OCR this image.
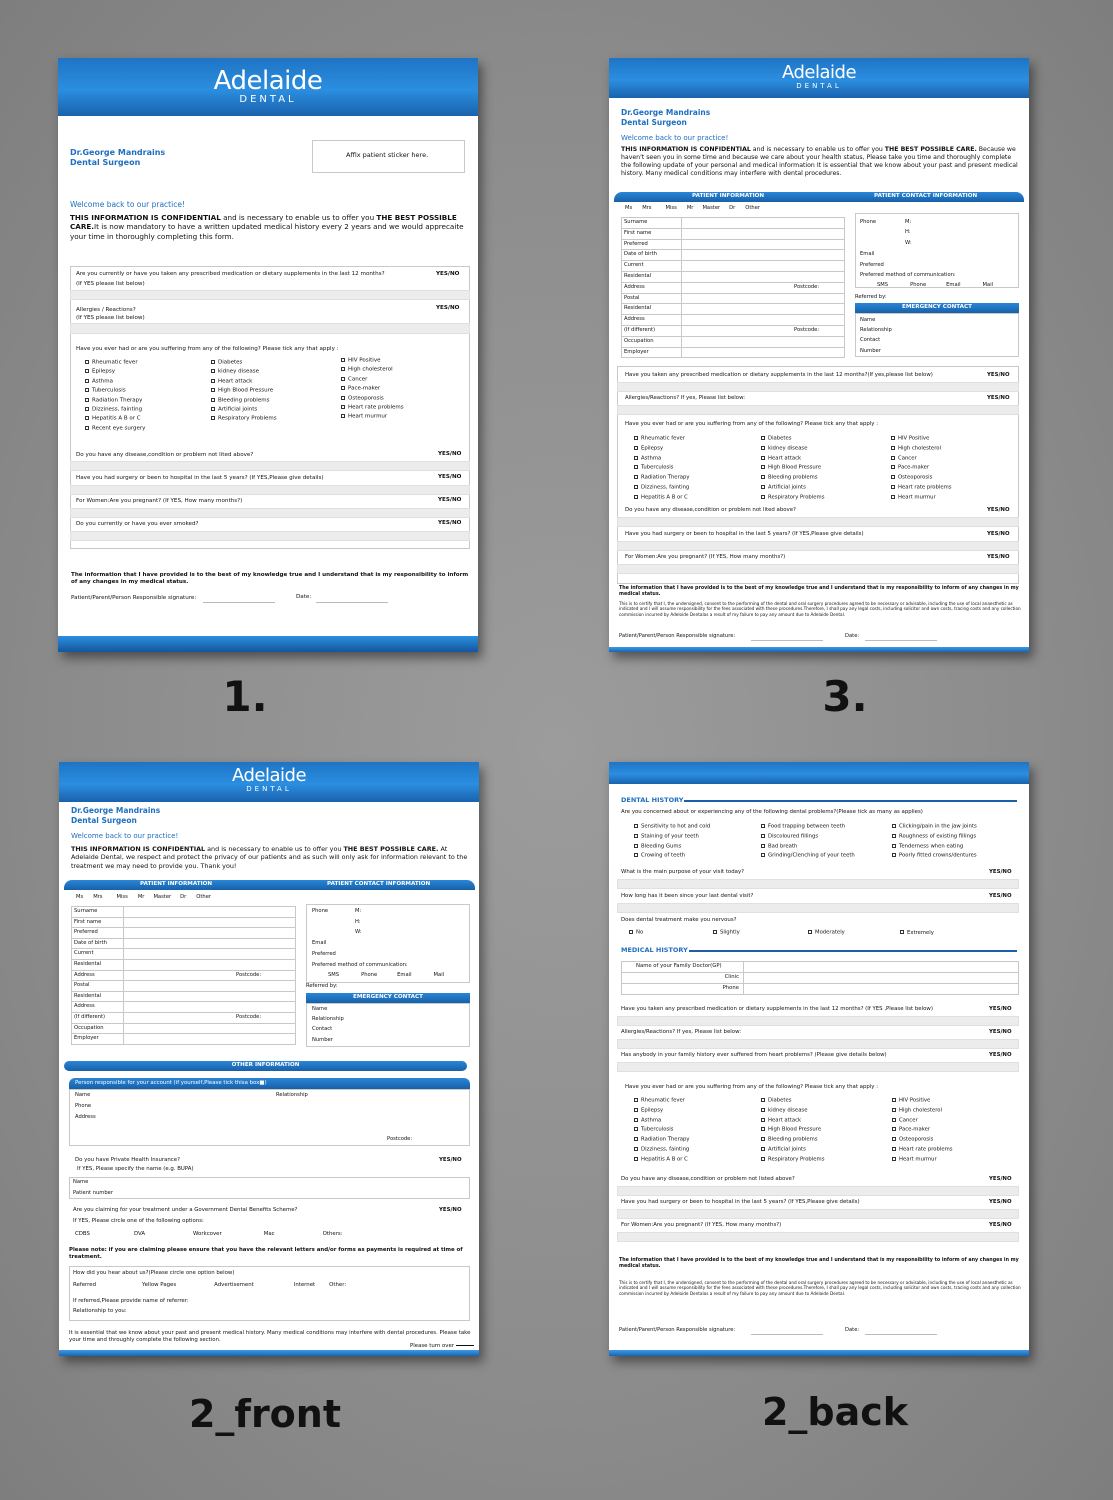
Adelaide
DENTAL
Dr.George Mandrains
Dental Surgeon
Affix patient sticker here.
Welcome back to our practice!
THIS INFORMATION IS CONFIDENTIAL and is necessary to enable us to offer you THE BEST POSSIBLE CARE.It is now mandatory to have a written updated medical history every 2 years and we would apprecaite your time in thoroughly completing this form.
Are you currently or have you taken any prescribed medication or dietary supplements in the last 12 months?	YES/NO
(If YES please list below)
Allergies / Reactions?	YES/NO
(If YES please list below)
Have you ever had or are you suffering from any of the following? Please tick any that apply :
Rheumatic fever
Epilepsy
Asthma
Tuberculosis
Radiation Therapy
Dizziness, fainting
Hepatitis A B or C
Recent eye surgery
Diabetes
kidney disease
Heart attack
High Blood Pressure
Bleeding problems
Artificial joints
Respiratory Problems
HIV Positive
High cholesterol
Cancer
Pace-maker
Osteoporosis
Heart rate problems
Heart murmur
Do you have any disease,condition or problem not lited above?	YES/NO
Have you had surgery or been to hospital in the last 5 years? (If YES,Please give details)	YES/NO
For Women:Are you pregnant? (If YES, How many months?)	YES/NO
Do you currently or have you ever smoked?	YES/NO
The information that I have provided is to the best of my knowledge true and I understand that is my responsibility to inform of any changes in my medical status.
Patient/Parent/Person Responsible signature:	Date:
1.
Adelaide
DENTAL
Dr.George Mandrains
Dental Surgeon
Welcome back to our practice!
THIS INFORMATION IS CONFIDENTIAL and is necessary to enable us to offer you THE BEST POSSIBLE CARE. Because we haven't seen you in some time and because we care about your health status, Please take you time and thoroughly complete the following update of your personal and medical information It is essential that we know about your past and present medical history. Many medical conditions may interfere with dental procedures.
PATIENT INFORMATION	PATIENT CONTACT INFORMATION
Ms Mrs	Miss Mr Master Dr Other
Surname
First name
Preferred
Date of birth
Current
Residental
Address	Postcode:
Postal
Residental
Address
(If different)	Postcode:
Occupation
Employer
Phone	M:
H:
W:
Email
Preferred
Preferred method of communication:
SMS	Phone	Email	Mail
Referred by:
EMERGENCY CONTACT
Name
Relationship
Contact
Number
Have you taken any prescribed medication or dietary supplements in the last 12 months?(If yes,please list below)	YES/NO
Allergies/Reactions? If yes, Please list below:	YES/NO
Have you ever had or are you suffering from any of the following? Please tick any that apply :
Rheumatic fever
Epilepsy
Asthma
Tuberculosis
Radiation Therapy
Dizziness, fainting
Hepatitis A B or C
Diabetes
kidney disease
Heart attack
High Blood Pressure
Bleeding problems
Artificial joints
Respiratory Problems
HIV Positive
High cholesterol
Cancer
Pace-maker
Osteoporosis
Heart rate problems
Heart murmur
Do you have any disease,condition or problem not lited above?	YES/NO
Have you had surgery or been to hospital in the last 5 years? (If YES,Please give details)	YES/NO
For Women:Are you pregnant? (If YES, How many months?)	YES/NO
The information that I have provided is to the best of my knowledge true and I understand that is my responsibility to inform of any changes in my medical status.
This is to certify that I, the undersigned, consent to the performing of the dental and oral surgery procedures agreed to be necessary or advisable, including the use of local anaesthetic as indicated and I will assume responsibility for the fees associated with these procedures.Therefore, I shall pay any legal costs, including solicitor and own costs, tracing costs and any collection commission incurred by Adeloide Dentalas a result of my failure to pay any amount due to Adelaide Dental.
Patient/Parent/Person Responsible signature:	Date:
3.
Adelaide
DENTAL
Dr.George Mandrains
Dental Surgeon
Welcome back to our practice!
THIS INFORMATION IS CONFIDENTIAL and is necessary to enable us to offer you THE BEST POSSIBLE CARE. At Adelaide Dental, we respect and protect the privacy of our patients and as such will only ask for information relevant to the treatment we may need to provide you. Thank you!
PATIENT INFORMATION	PATIENT CONTACT INFORMATION
Ms Mrs	Miss Mr Master Dr Other
Surname
First name
Preferred
Date of birth
Current
Residental
Address	Postcode:
Postal
Residental
Address
(If different)	Postcode:
Occupation
Employer
Phone	M:
H:
W:
Email
Preferred
Preferred method of communication:
SMS	Phone	Email	Mail
Referred by:
EMERGENCY CONTACT
Name
Relationship
Contact
Number
OTHER INFORMATION
Person responsible for your account (if yourself,Please tick thisa box■)
Name
Phone
Address
Relationship
Postcode:
Do you have Private Health Insurance?	YES/NO
If YES, Please specify the name (e.g. BUPA)
Name
Patient number
Are you claiming for your treatment under a Government Dental Benefits Scheme?	YES/NO
If YES, Please circle one of the following options:
CDBS	DVA	Workcover	Mac	Others:
Please note: if you are claiming please ensure that you have the relevant letters and/or forms as payments is required at time of treatment.
How did you hear about us?(Please circle one option below)
Referred	Yellow Pages	Advertisement	Internet	Other:
If referred,Please provide name of referrer:
Relationship to you:
It is essential that we know about your past and present medical history. Many medical conditions may interfere with dental procedures. Please take your time and throughly complete the following section.
Please turn over
2_front
DENTAL HISTORY
Are you concerned about or experiencing any of the following dental problems?(Please tick as many as applies)
Sensitivity to hot and cold
Staining of your teeth
Bleeding Gums
Crowing of teeth
Food trapping between teeth
Discoloured fillings
Bad breath
Grinding/Clenching of your teeth
Clicking/pain in the jaw joints
Roughness of existing fillings
Tenderness when eating
Poorly fitted crowns/dentures
What is the main purpose of your visit today?	YES/NO
How long has it been since your last dental visit?	YES/NO
Does dental treatment make you nervous?
No	Slightly	Moderately	Extremely
MEDICAL HISTORY
Name of your Family Doctor(GP)
Clinic
Phone
Have you taken any prescribed medication or dietary supplements in the last 12 months? (If YES ,Please list below)	YES/NO
Allergies/Reactions? If yes, Please list below:	YES/NO
Has anybody in your family history ever suffered from heart problems? (Please give details below)	YES/NO
Have you ever had or are you suffering from any of the following? Please tick any that apply :
Rheumatic fever
Epilepsy
Asthma
Tuberculosis
Radiation Therapy
Dizziness, fainting
Hepatitis A B or C
Diabetes
kidney disease
Heart attack
High Blood Pressure
Bleeding problems
Artificial joints
Respiratory Problems
HIV Positive
High cholesterol
Cancer
Pace-maker
Osteoporosis
Heart rate problems
Heart murmur
Do you have any disease,condition or problem not listed above?	YES/NO
Have you had surgery or been to hospital in the last 5 years? (If YES,Please give details)	YES/NO
For Women:Are you pregnant? (If YES, How many months?)	YES/NO
The information that I have provided is to the best of my knowledge true and I understand that is my responsibility to inform of any changes in my medical status.
This is to certify that I, the undersigned, consent to the performing of the dental and oral surgery procedures agreed to be necessary or advisable, including the use of local anaesthetic as indicated and I will assume responsibility for the fees associated with these procedures.Therefore, I shall pay any legal costs, including solicitor and own costs, tracing costs and any collection commission incurred by Adeloide Dentalas a result of my failure to pay any amount due to Adelaide Dental.
Patient/Parent/Person Responsible signature:	Date:
2_back
